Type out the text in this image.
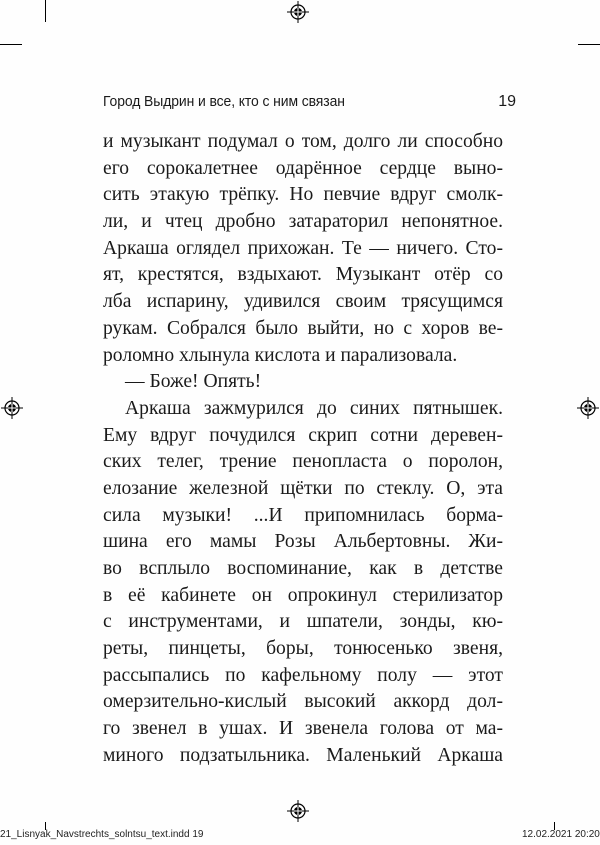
Город Выдрин и все, кто с ним связан	19
и музыкант подумал о том, долго ли способно
его сорокалетнее одарённое сердце выно-
сить этакую трёпку. Но певчие вдруг смолк-
ли, и чтец дробно затараторил непонятное.
Аркаша оглядел прихожан. Те — ничего. Сто-
ят, крестятся, вздыхают. Музыкант отёр со
лба испарину, удивился своим трясущимся
рукам. Собрался было выйти, но с хоров ве-
роломно хлынула кислота и парализовала.
— Боже! Опять!
Аркаша зажмурился до синих пятнышек.
Ему вдруг почудился скрип сотни деревен-
ских телег, трение пенопласта о поролон,
елозание железной щётки по стеклу. О, эта
сила музыки! ...И припомнилась борма-
шина его мамы Розы Альбертовны. Жи-
во всплыло воспоминание, как в детстве
в её кабинете он опрокинул стерилизатор
с инструментами, и шпатели, зонды, кю-
реты, пинцеты, боры, тонюсенько звеня,
рассыпались по кафельному полу — этот
омерзительно-кислый высокий аккорд дол-
го звенел в ушах. И звенела голова от ма-
миного подзатыльника. Маленький Аркаша
21_Lisnyak_Navstrechts_solntsu_text.indd 19	12.02.2021 20:20
